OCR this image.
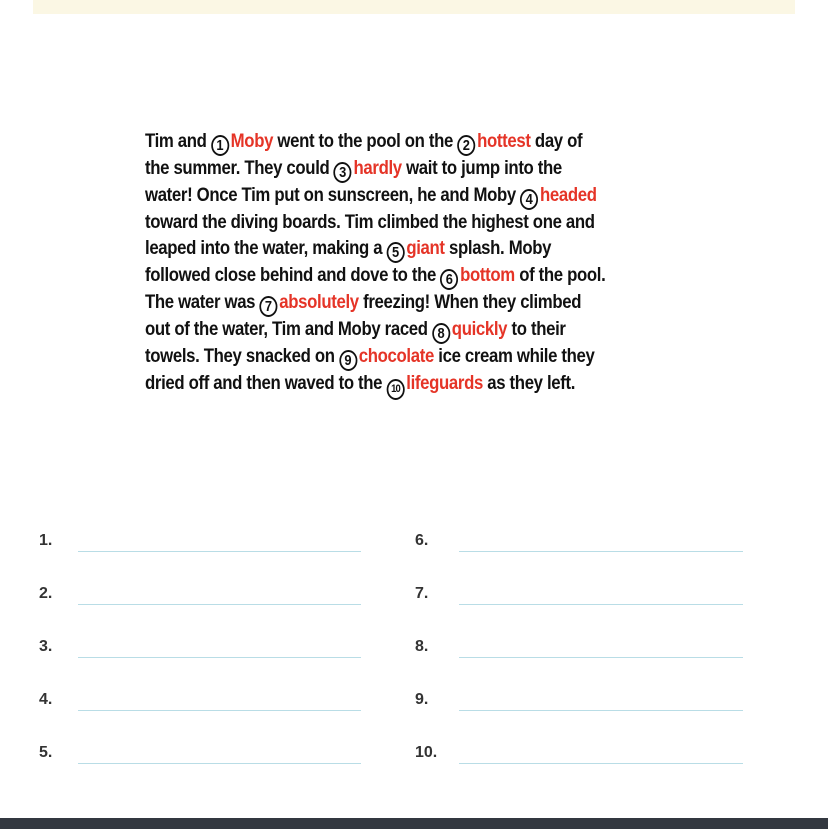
Tim and 1 Moby went to the pool on the 2 hottest day of
the summer. They could 3 hardly wait to jump into the
water! Once Tim put on sunscreen, he and Moby 4 headed
toward the diving boards. Tim climbed the highest one and
leaped into the water, making a 5 giant splash. Moby
followed close behind and dove to the 6 bottom of the pool.
The water was 7 absolutely freezing! When they climbed
out of the water, Tim and Moby raced 8 quickly to their
towels. They snacked on 9 chocolate ice cream while they
dried off and then waved to the 10 lifeguards as they left.
1.
2.
3.
4.
5.
6.
7.
8.
9.
10.
